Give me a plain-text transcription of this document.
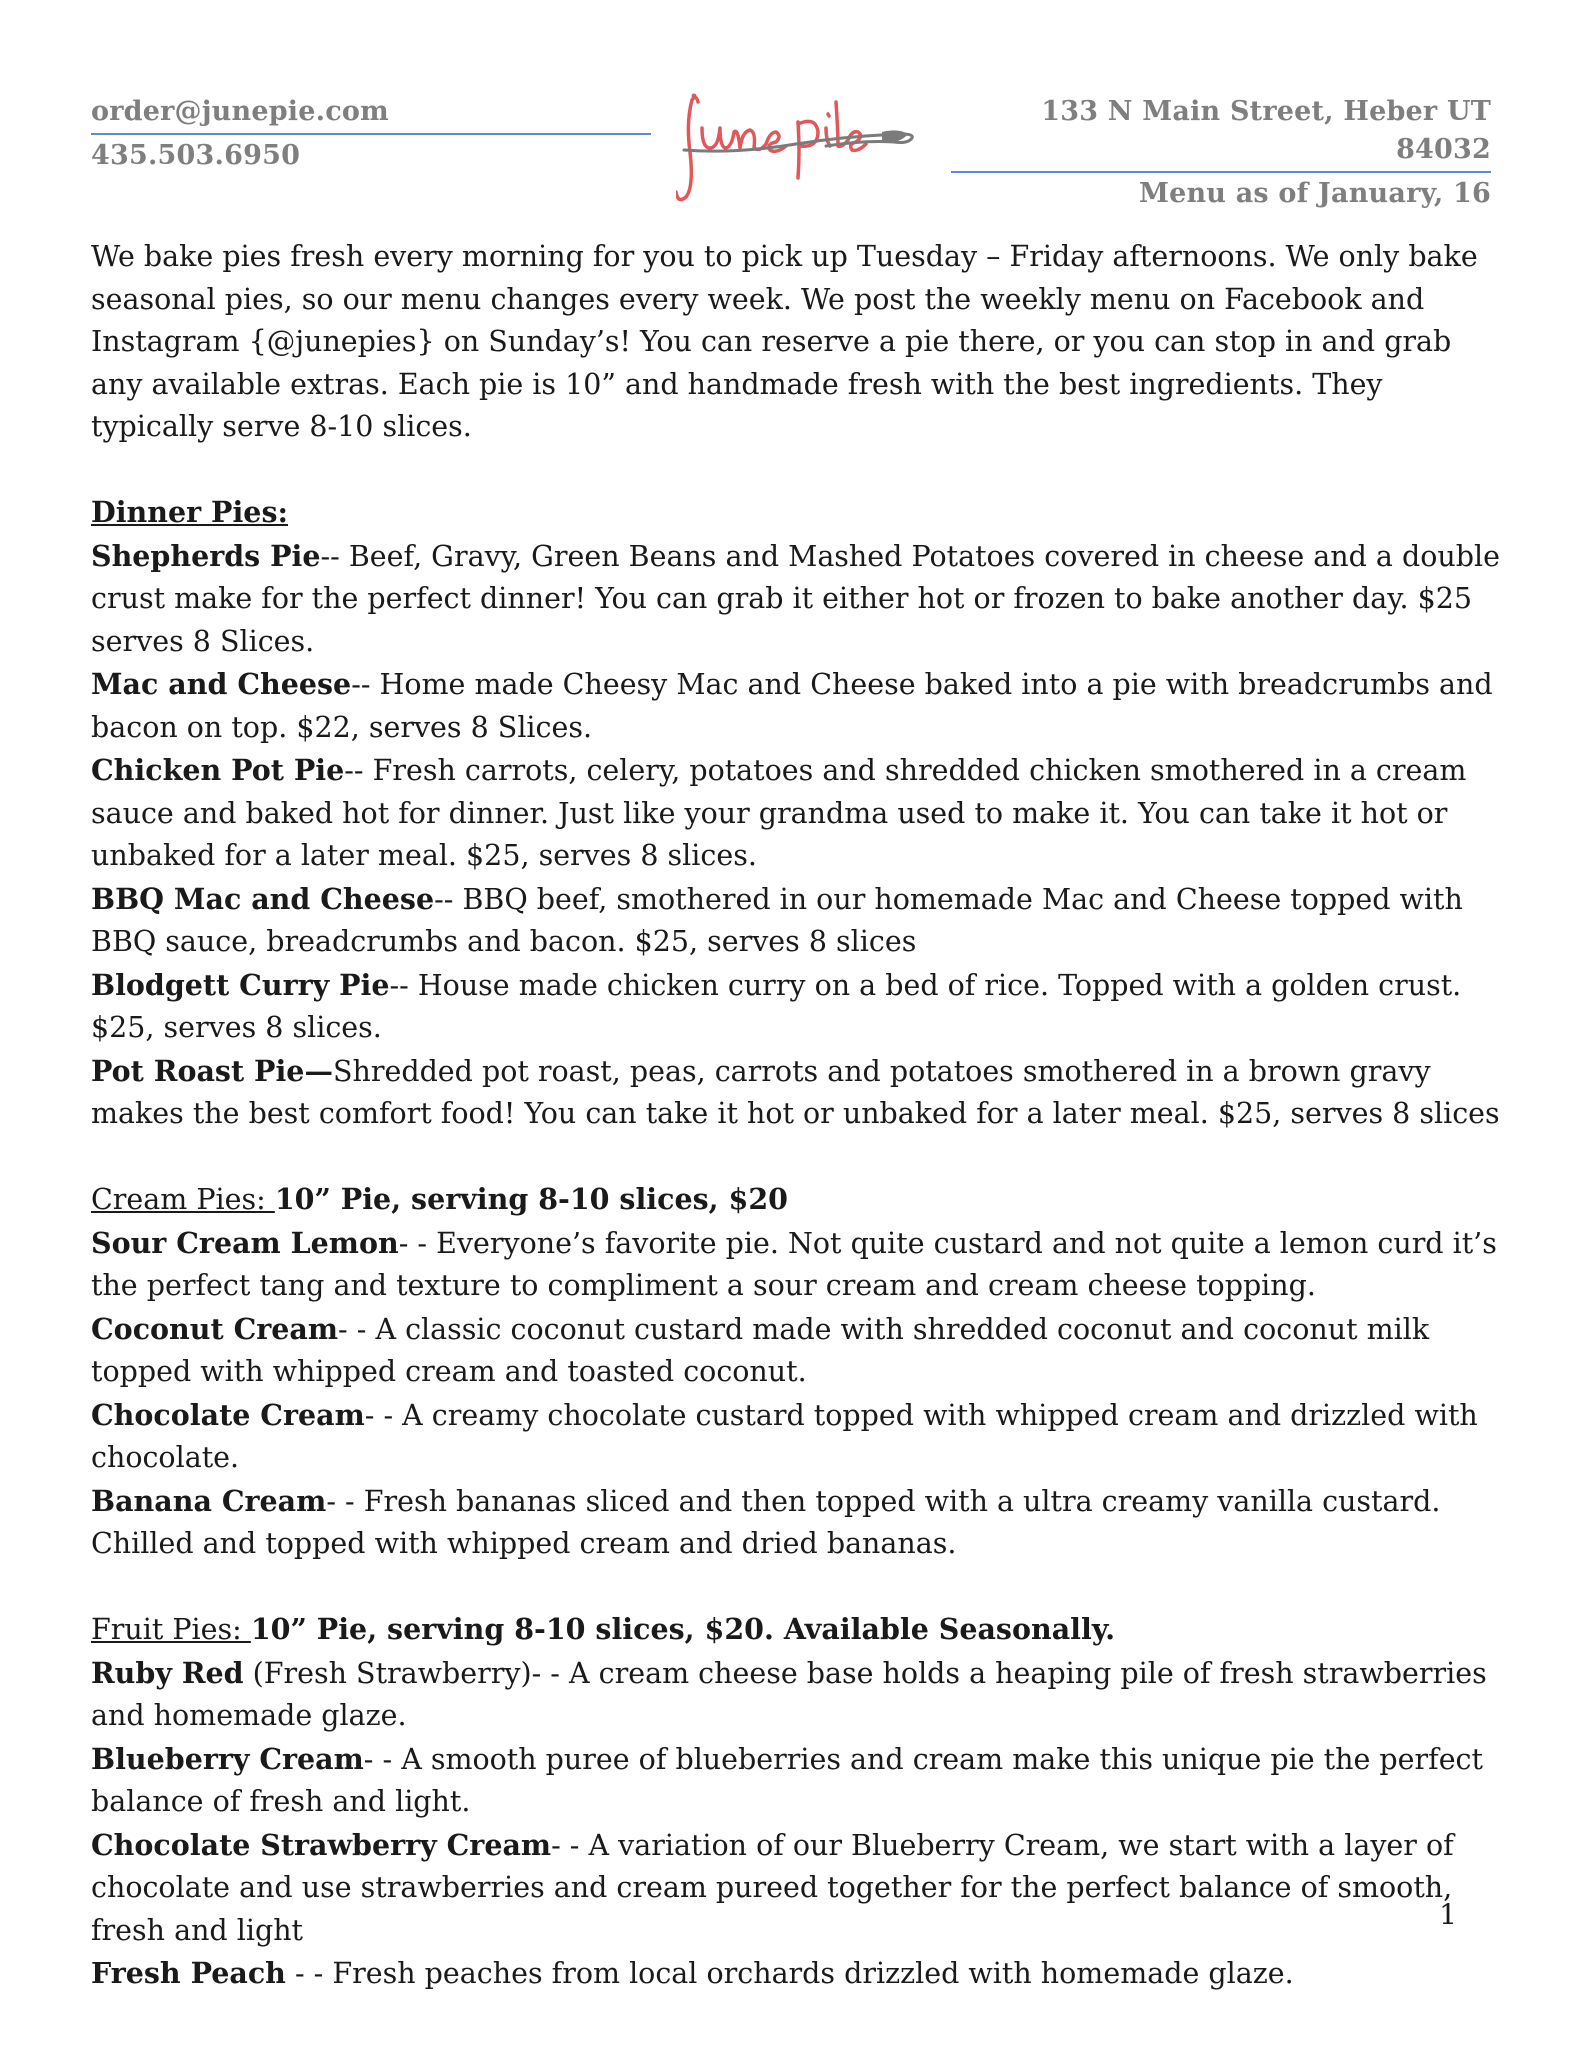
order@junepie.com
435.503.6950
133 N Main Street, Heber UT 84032
Menu as of January, 16

We bake pies fresh every morning for you to pick up Tuesday – Friday afternoons. We only bake seasonal pies, so our menu changes every week. We post the weekly menu on Facebook and Instagram {@junepies} on Sunday’s! You can reserve a pie there, or you can stop in and grab any available extras. Each pie is 10” and handmade fresh with the best ingredients. They typically serve 8-10 slices.

Dinner Pies:

Shepherds Pie-- Beef, Gravy, Green Beans and Mashed Potatoes covered in cheese and a double crust make for the perfect dinner! You can grab it either hot or frozen to bake another day. $25 serves 8 Slices.

Mac and Cheese-- Home made Cheesy Mac and Cheese baked into a pie with breadcrumbs and bacon on top. $22, serves 8 Slices.

Chicken Pot Pie-- Fresh carrots, celery, potatoes and shredded chicken smothered in a cream sauce and baked hot for dinner. Just like your grandma used to make it. You can take it hot or unbaked for a later meal. $25, serves 8 slices.

BBQ Mac and Cheese-- BBQ beef, smothered in our homemade Mac and Cheese topped with BBQ sauce, breadcrumbs and bacon. $25, serves 8 slices

Blodgett Curry Pie-- House made chicken curry on a bed of rice. Topped with a golden crust. $25, serves 8 slices.

Pot Roast Pie—Shredded pot roast, peas, carrots and potatoes smothered in a brown gravy makes the best comfort food! You can take it hot or unbaked for a later meal. $25, serves 8 slices

Cream Pies: 10” Pie, serving 8-10 slices, $20

Sour Cream Lemon- - Everyone’s favorite pie. Not quite custard and not quite a lemon curd it’s the perfect tang and texture to compliment a sour cream and cream cheese topping.

Coconut Cream- - A classic coconut custard made with shredded coconut and coconut milk topped with whipped cream and toasted coconut.

Chocolate Cream- - A creamy chocolate custard topped with whipped cream and drizzled with chocolate.

Banana Cream- - Fresh bananas sliced and then topped with a ultra creamy vanilla custard. Chilled and topped with whipped cream and dried bananas.

Fruit Pies: 10” Pie, serving 8-10 slices, $20. Available Seasonally.

Ruby Red (Fresh Strawberry)- - A cream cheese base holds a heaping pile of fresh strawberries and homemade glaze.

Blueberry Cream- - A smooth puree of blueberries and cream make this unique pie the perfect balance of fresh and light.

Chocolate Strawberry Cream- - A variation of our Blueberry Cream, we start with a layer of chocolate and use strawberries and cream pureed together for the perfect balance of smooth, fresh and light

Fresh Peach - - Fresh peaches from local orchards drizzled with homemade glaze.

1
